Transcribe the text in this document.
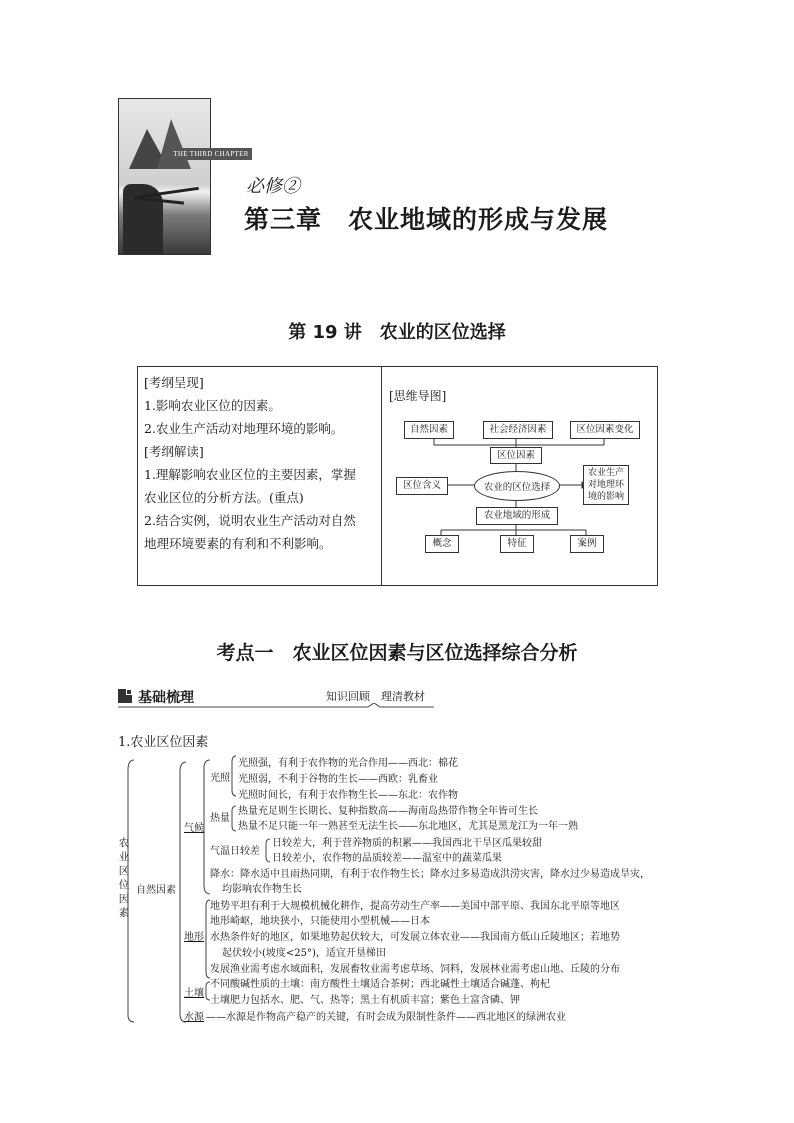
THE THIRD CHAPTER
必修②
第三章　农业地域的形成与发展
第 19 讲　农业的区位选择
[考纲呈现]
1.影响农业区位的因素。
2.农业生产活动对地理环境的影响。
[考纲解读]
1.理解影响农业区位的主要因素，掌握
农业区位的分析方法。(重点)
2.结合实例，说明农业生产活动对自然
地理环境要素的有利和不利影响。
[思维导图]
自然因素	社会经济因素	区位因素变化
区位因素
农业的区位选择
区位含义
农业生产对地理环境的影响
农业地域的形成
概念	特征	案例
考点一　农业区位因素与区位选择综合分析
基础梳理	知识回顾　理清教材
1.农业区位因素
农业区位因素
自然因素
气候
光照
光照强，有利于农作物的光合作用——西北：棉花
光照弱，不利于谷物的生长——西欧：乳畜业
光照时间长，有利于农作物生长——东北：农作物
热量
热量充足则生长期长、复种指数高——海南岛热带作物全年皆可生长
热量不足只能一年一熟甚至无法生长——东北地区，尤其是黑龙江为一年一熟
气温日较差
日较差大，利于营养物质的积累——我国西北干旱区瓜果较甜
日较差小，农作物的品质较差——温室中的蔬菜瓜果
降水：降水适中且雨热同期，有利于农作物生长；降水过多易造成洪涝灾害，降水过少易造成旱灾，
均影响农作物生长
地形
地势平坦有利于大规模机械化耕作，提高劳动生产率——美国中部平原、我国东北平原等地区
地形崎岖，地块狭小，只能使用小型机械——日本
水热条件好的地区，如果地势起伏较大，可发展立体农业——我国南方低山丘陵地区；若地势
起伏较小(坡度<25°)，适宜开垦梯田
发展渔业需考虑水域面积，发展畜牧业需考虑草场、饲料，发展林业需考虑山地、丘陵的分布
土壤
不同酸碱性质的土壤：南方酸性土壤适合茶树；西北碱性土壤适合碱蓬、枸杞
土壤肥力包括水、肥、气、热等；黑土有机质丰富；紫色土富含磷、钾
水源 ——水源是作物高产稳产的关键，有时会成为限制性条件——西北地区的绿洲农业
